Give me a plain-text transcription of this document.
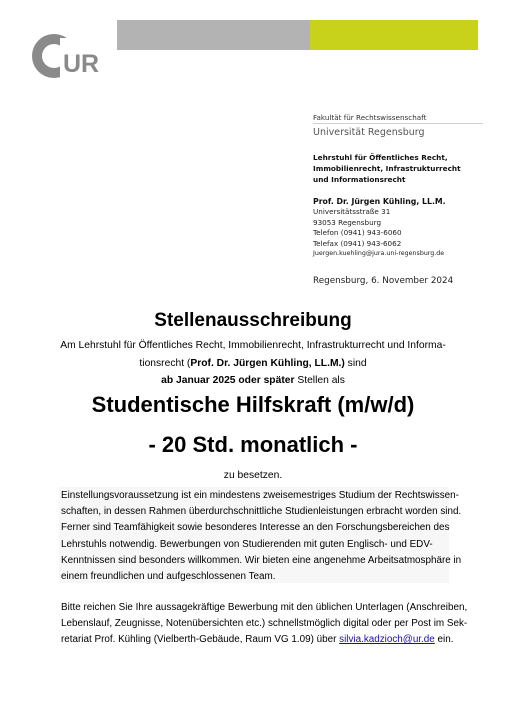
UR
Fakultät für Rechtswissenschaft
Universität Regensburg
Lehrstuhl für Öffentliches Recht,
Immobilienrecht, Infrastrukturrecht
und Informationsrecht
Prof. Dr. Jürgen Kühling, LL.M.
Universitätsstraße 31
93053 Regensburg
Telefon (0941) 943-6060
Telefax (0941) 943-6062
Juergen.kuehling@jura.uni-regensburg.de
Regensburg, 6. November 2024
Stellenausschreibung
Am Lehrstuhl für Öffentliches Recht, Immobilienrecht, Infrastrukturrecht und Informa-
tionsrecht (Prof. Dr. Jürgen Kühling, LL.M.) sind
ab Januar 2025 oder später Stellen als
Studentische Hilfskraft (m/w/d)
- 20 Std. monatlich -
zu besetzen.
Einstellungsvoraussetzung ist ein mindestens zweisemestriges Studium der Rechtswissen-
schaften, in dessen Rahmen überdurchschnittliche Studienleistungen erbracht worden sind.
Ferner sind Teamfähigkeit sowie besonderes Interesse an den Forschungsbereichen des
Lehrstuhls notwendig. Bewerbungen von Studierenden mit guten Englisch- und EDV-
Kenntnissen sind besonders willkommen. Wir bieten eine angenehme Arbeitsatmosphäre in
einem freundlichen und aufgeschlossenen Team.
Bitte reichen Sie Ihre aussagekräftige Bewerbung mit den üblichen Unterlagen (Anschreiben,
Lebenslauf, Zeugnisse, Notenübersichten etc.) schnellstmöglich digital oder per Post im Sek-
retariat Prof. Kühling (Vielberth-Gebäude, Raum VG 1.09) über silvia.kadzioch@ur.de ein.
